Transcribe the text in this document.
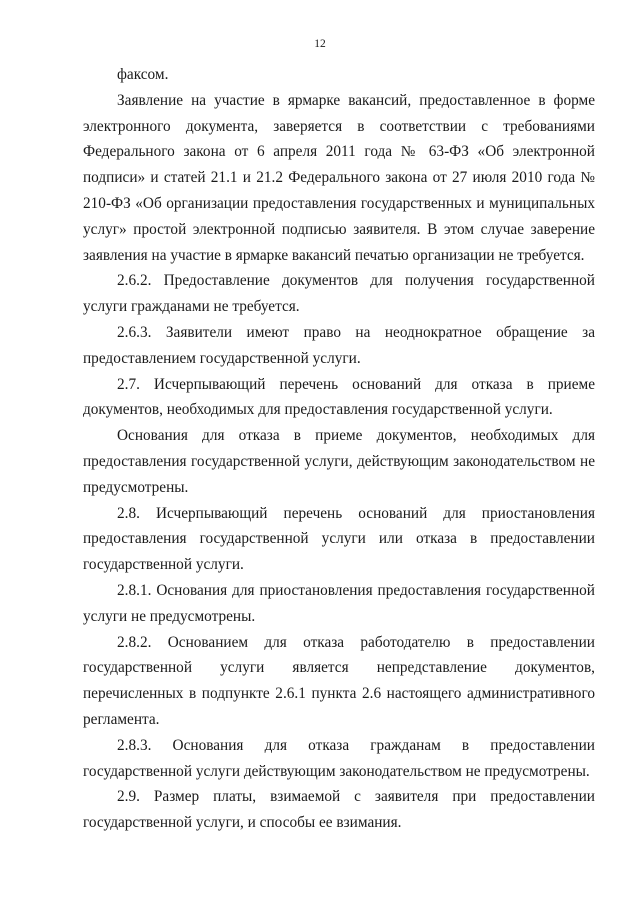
12

факсом.

Заявление на участие в ярмарке вакансий, предоставленное в форме электронного документа, заверяется в соответствии с требованиями Федерального закона от 6 апреля 2011 года № 63-ФЗ «Об электронной подписи» и статей 21.1 и 21.2 Федерального закона от 27 июля 2010 года № 210-ФЗ «Об организации предоставления государственных и муниципальных услуг» простой электронной подписью заявителя. В этом случае заверение заявления на участие в ярмарке вакансий печатью организации не требуется.

2.6.2. Предоставление документов для получения государственной услуги гражданами не требуется.

2.6.3. Заявители имеют право на неоднократное обращение за предоставлением государственной услуги.

2.7. Исчерпывающий перечень оснований для отказа в приеме документов, необходимых для предоставления государственной услуги.

Основания для отказа в приеме документов, необходимых для предоставления государственной услуги, действующим законодательством не предусмотрены.

2.8. Исчерпывающий перечень оснований для приостановления предоставления государственной услуги или отказа в предоставлении государственной услуги.

2.8.1. Основания для приостановления предоставления государственной услуги не предусмотрены.

2.8.2. Основанием для отказа работодателю в предоставлении государственной услуги является непредставление документов, перечисленных в подпункте 2.6.1 пункта 2.6 настоящего административного регламента.

2.8.3. Основания для отказа гражданам в предоставлении государственной услуги действующим законодательством не предусмотрены.

2.9. Размер платы, взимаемой с заявителя при предоставлении государственной услуги, и способы ее взимания.
